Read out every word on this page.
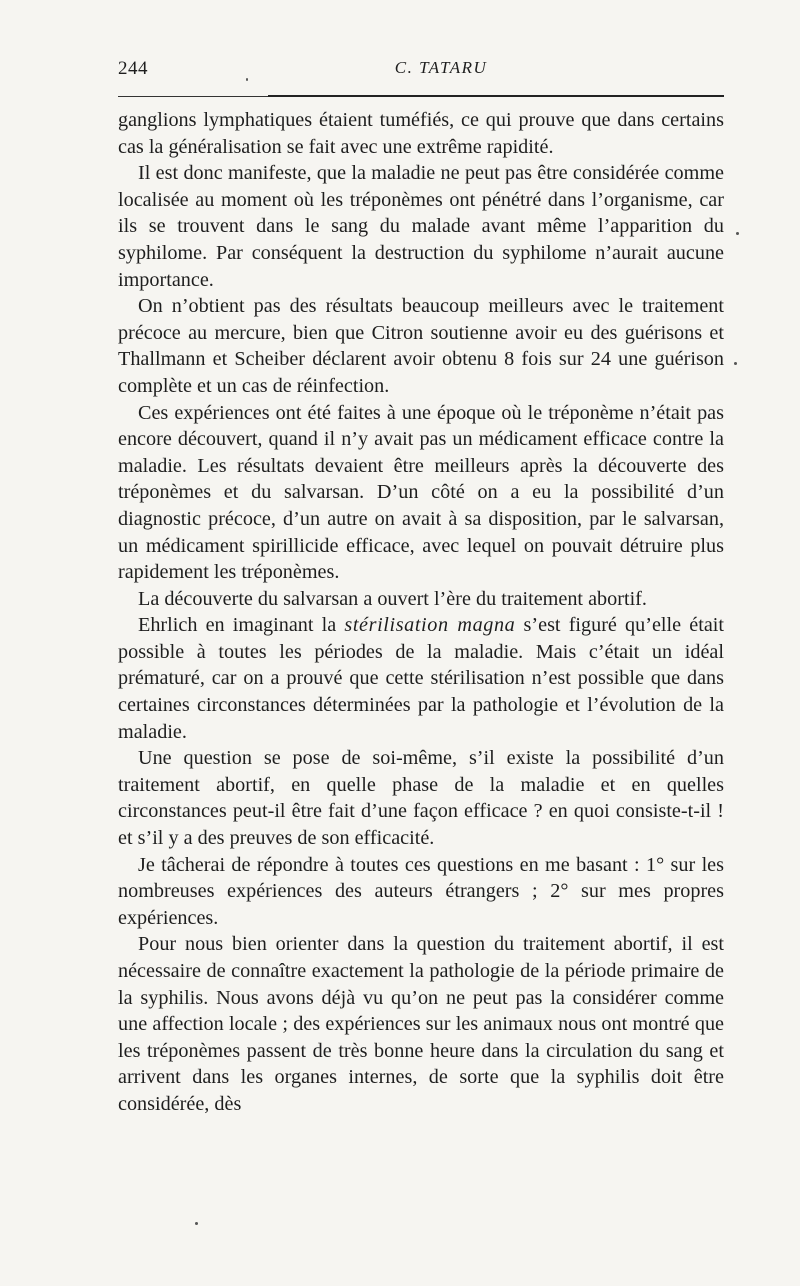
244	C. TATARU

ganglions lymphatiques étaient tuméfiés, ce qui prouve que dans certains cas la généralisation se fait avec une extrême rapidité.

Il est donc manifeste, que la maladie ne peut pas être considérée comme localisée au moment où les tréponèmes ont pénétré dans l’organisme, car ils se trouvent dans le sang du malade avant même l’apparition du syphilome. Par conséquent la destruction du syphilome n’aurait aucune importance.

On n’obtient pas des résultats beaucoup meilleurs avec le traitement précoce au mercure, bien que Citron soutienne avoir eu des guérisons et Thallmann et Scheiber déclarent avoir obtenu 8 fois sur 24 une guérison complète et un cas de réinfection.

Ces expériences ont été faites à une époque où le tréponème n’était pas encore découvert, quand il n’y avait pas un médicament efficace contre la maladie. Les résultats devaient être meilleurs après la découverte des tréponèmes et du salvarsan. D’un côté on a eu la possibilité d’un diagnostic précoce, d’un autre on avait à sa disposition, par le salvarsan, un médicament spirillicide efficace, avec lequel on pouvait détruire plus rapidement les tréponèmes.

La découverte du salvarsan a ouvert l’ère du traitement abortif.

Ehrlich en imaginant la stérilisation magna s’est figuré qu’elle était possible à toutes les périodes de la maladie. Mais c’était un idéal prématuré, car on a prouvé que cette stérilisation n’est possible que dans certaines circonstances déterminées par la pathologie et l’évolution de la maladie.

Une question se pose de soi-même, s’il existe la possibilité d’un traitement abortif, en quelle phase de la maladie et en quelles circonstances peut-il être fait d’une façon efficace ? en quoi consiste-t-il ! et s’il y a des preuves de son efficacité.

Je tâcherai de répondre à toutes ces questions en me basant : 1° sur les nombreuses expériences des auteurs étrangers ; 2° sur mes propres expériences.

Pour nous bien orienter dans la question du traitement abortif, il est nécessaire de connaître exactement la pathologie de la période primaire de la syphilis. Nous avons déjà vu qu’on ne peut pas la considérer comme une affection locale ; des expériences sur les animaux nous ont montré que les tréponèmes passent de très bonne heure dans la circulation du sang et arrivent dans les organes internes, de sorte que la syphilis doit être considérée, dès
